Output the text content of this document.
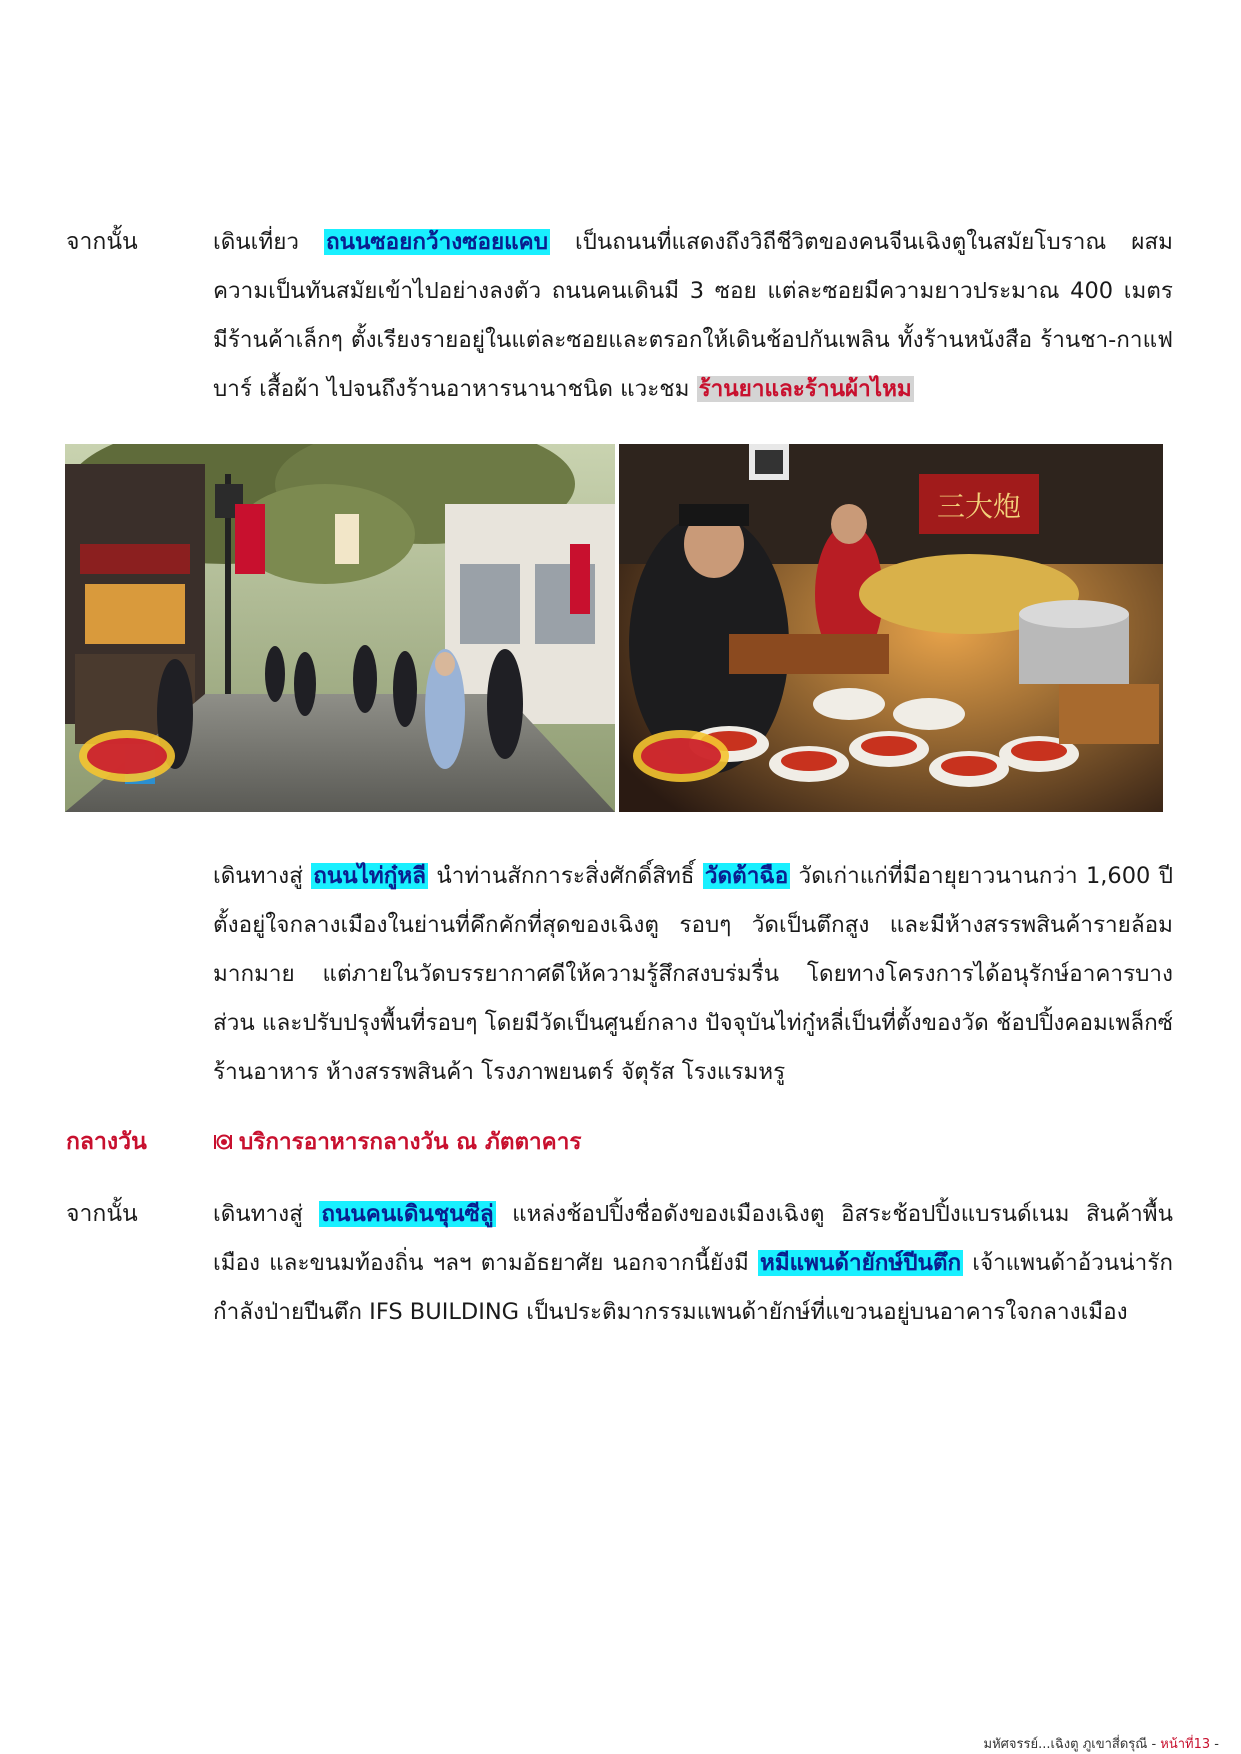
จากนั้น	เดินเที่ยว ถนนซอยกว้างซอยแคบ เป็นถนนที่แสดงถึงวิถีชีวิตของคนจีนเฉิงตูในสมัยโบราณ ผสมความเป็นทันสมัยเข้าไปอย่างลงตัว ถนนคนเดินมี 3 ซอย แต่ละซอยมีความยาวประมาณ 400 เมตร มีร้านค้าเล็กๆ ตั้งเรียงรายอยู่ในแต่ละซอยและตรอกให้เดินช้อปกันเพลิน ทั้งร้านหนังสือ ร้านชา-กาแฟ บาร์ เสื้อผ้า ไปจนถึงร้านอาหารนานาชนิด แวะชม ร้านยาและร้านผ้าไหม
三大炮
เดินทางสู่ ถนนไท่กู๋หลี นำท่านสักการะสิ่งศักดิ์สิทธิ์ วัดต้าฉือ วัดเก่าแก่ที่มีอายุยาวนานกว่า 1,600 ปี ตั้งอยู่ใจกลางเมืองในย่านที่คึกคักที่สุดของเฉิงตู รอบๆ วัดเป็นตึกสูง และมีห้างสรรพสินค้ารายล้อมมากมาย แต่ภายในวัดบรรยากาศดีให้ความรู้สึกสงบร่มรื่น โดยทางโครงการได้อนุรักษ์อาคารบางส่วน และปรับปรุงพื้นที่รอบๆ โดยมีวัดเป็นศูนย์กลาง ปัจจุบันไท่กู๋หลี่เป็นที่ตั้งของวัด ช้อปปิ้งคอมเพล็กซ์ ร้านอาหาร ห้างสรรพสินค้า โรงภาพยนตร์ จัตุรัส โรงแรมหรู
กลางวัน	บริการอาหารกลางวัน ณ ภัตตาคาร
จากนั้น	เดินทางสู่ ถนนคนเดินชุนซีลู่ แหล่งช้อปปิ้งชื่อดังของเมืองเฉิงตู อิสระช้อปปิ้งแบรนด์เนม สินค้าพื้นเมือง และขนมท้องถิ่น ฯลฯ ตามอัธยาศัย นอกจากนี้ยังมี หมีแพนด้ายักษ์ปีนตึก เจ้าแพนด้าอ้วนน่ารักกำลังป่ายปีนตึก IFS BUILDING เป็นประติมากรรมแพนด้ายักษ์ที่แขวนอยู่บนอาคารใจกลางเมือง
มหัศจรรย์...เฉิงตู ภูเขาสี่ดรุณี - หน้าที่13 -
